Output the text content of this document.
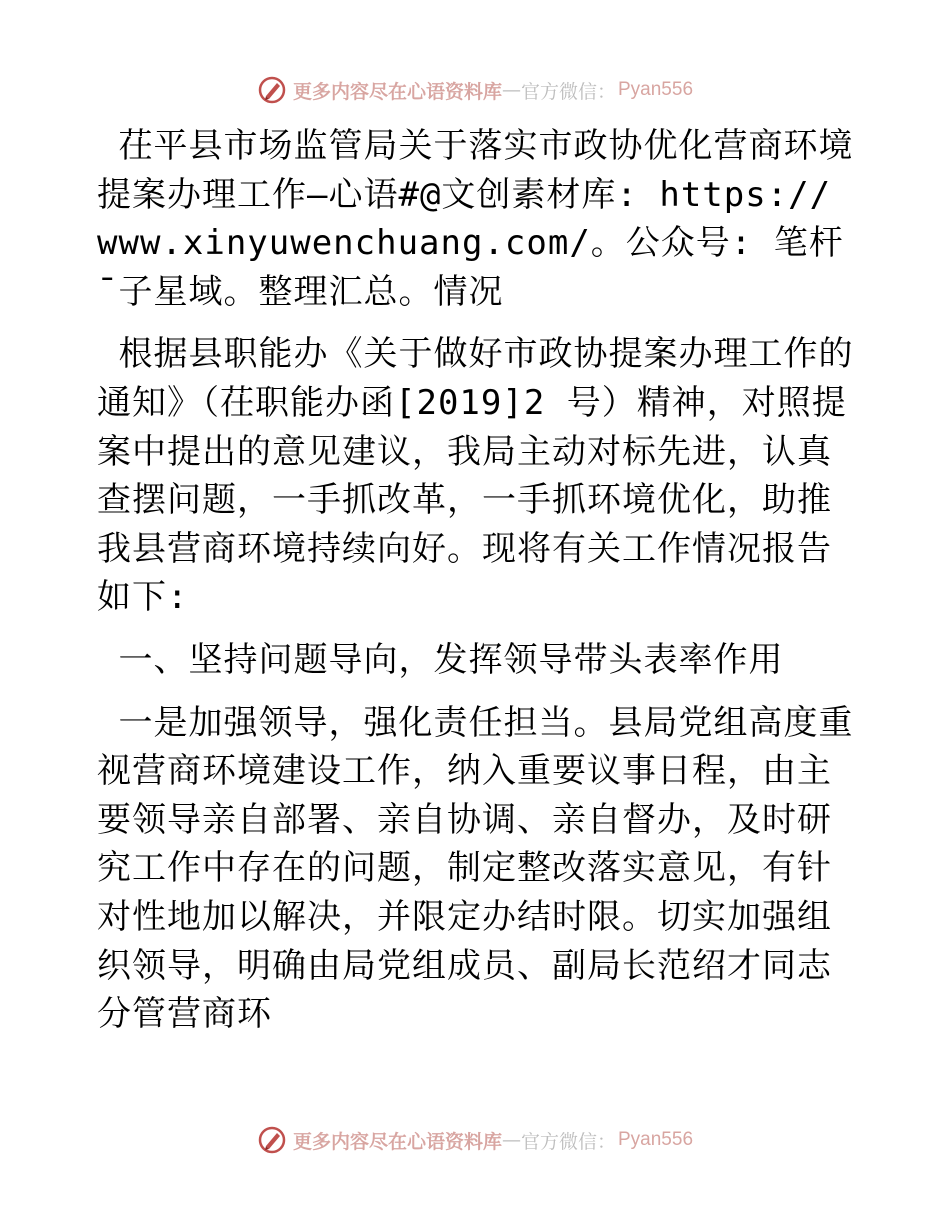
更多内容尽在心语资料库 — 官方微信： Pyan556

茌平县市场监管局关于落实市政协优化营商环境提案办理工作—心语#@文创素材库: https:// www.xinyuwenchuang.com/。公众号: 笔杆¯子星域。整理汇总。情况

根据县职能办《关于做好市政协提案办理工作的通知》（茌职能办函[2019]2 号）精神，对照提案中提出的意见建议，我局主动对标先进，认真查摆问题，一手抓改革，一手抓环境优化，助推我县营商环境持续向好。现将有关工作情况报告如下:

一、坚持问题导向，发挥领导带头表率作用

一是加强领导，强化责任担当。县局党组高度重视营商环境建设工作，纳入重要议事日程，由主要领导亲自部署、亲自协调、亲自督办，及时研究工作中存在的问题，制定整改落实意见，有针对性地加以解决，并限定办结时限。切实加强组织领导，明确由局党组成员、副局长范绍才同志分管营商环

更多内容尽在心语资料库 — 官方微信： Pyan556
